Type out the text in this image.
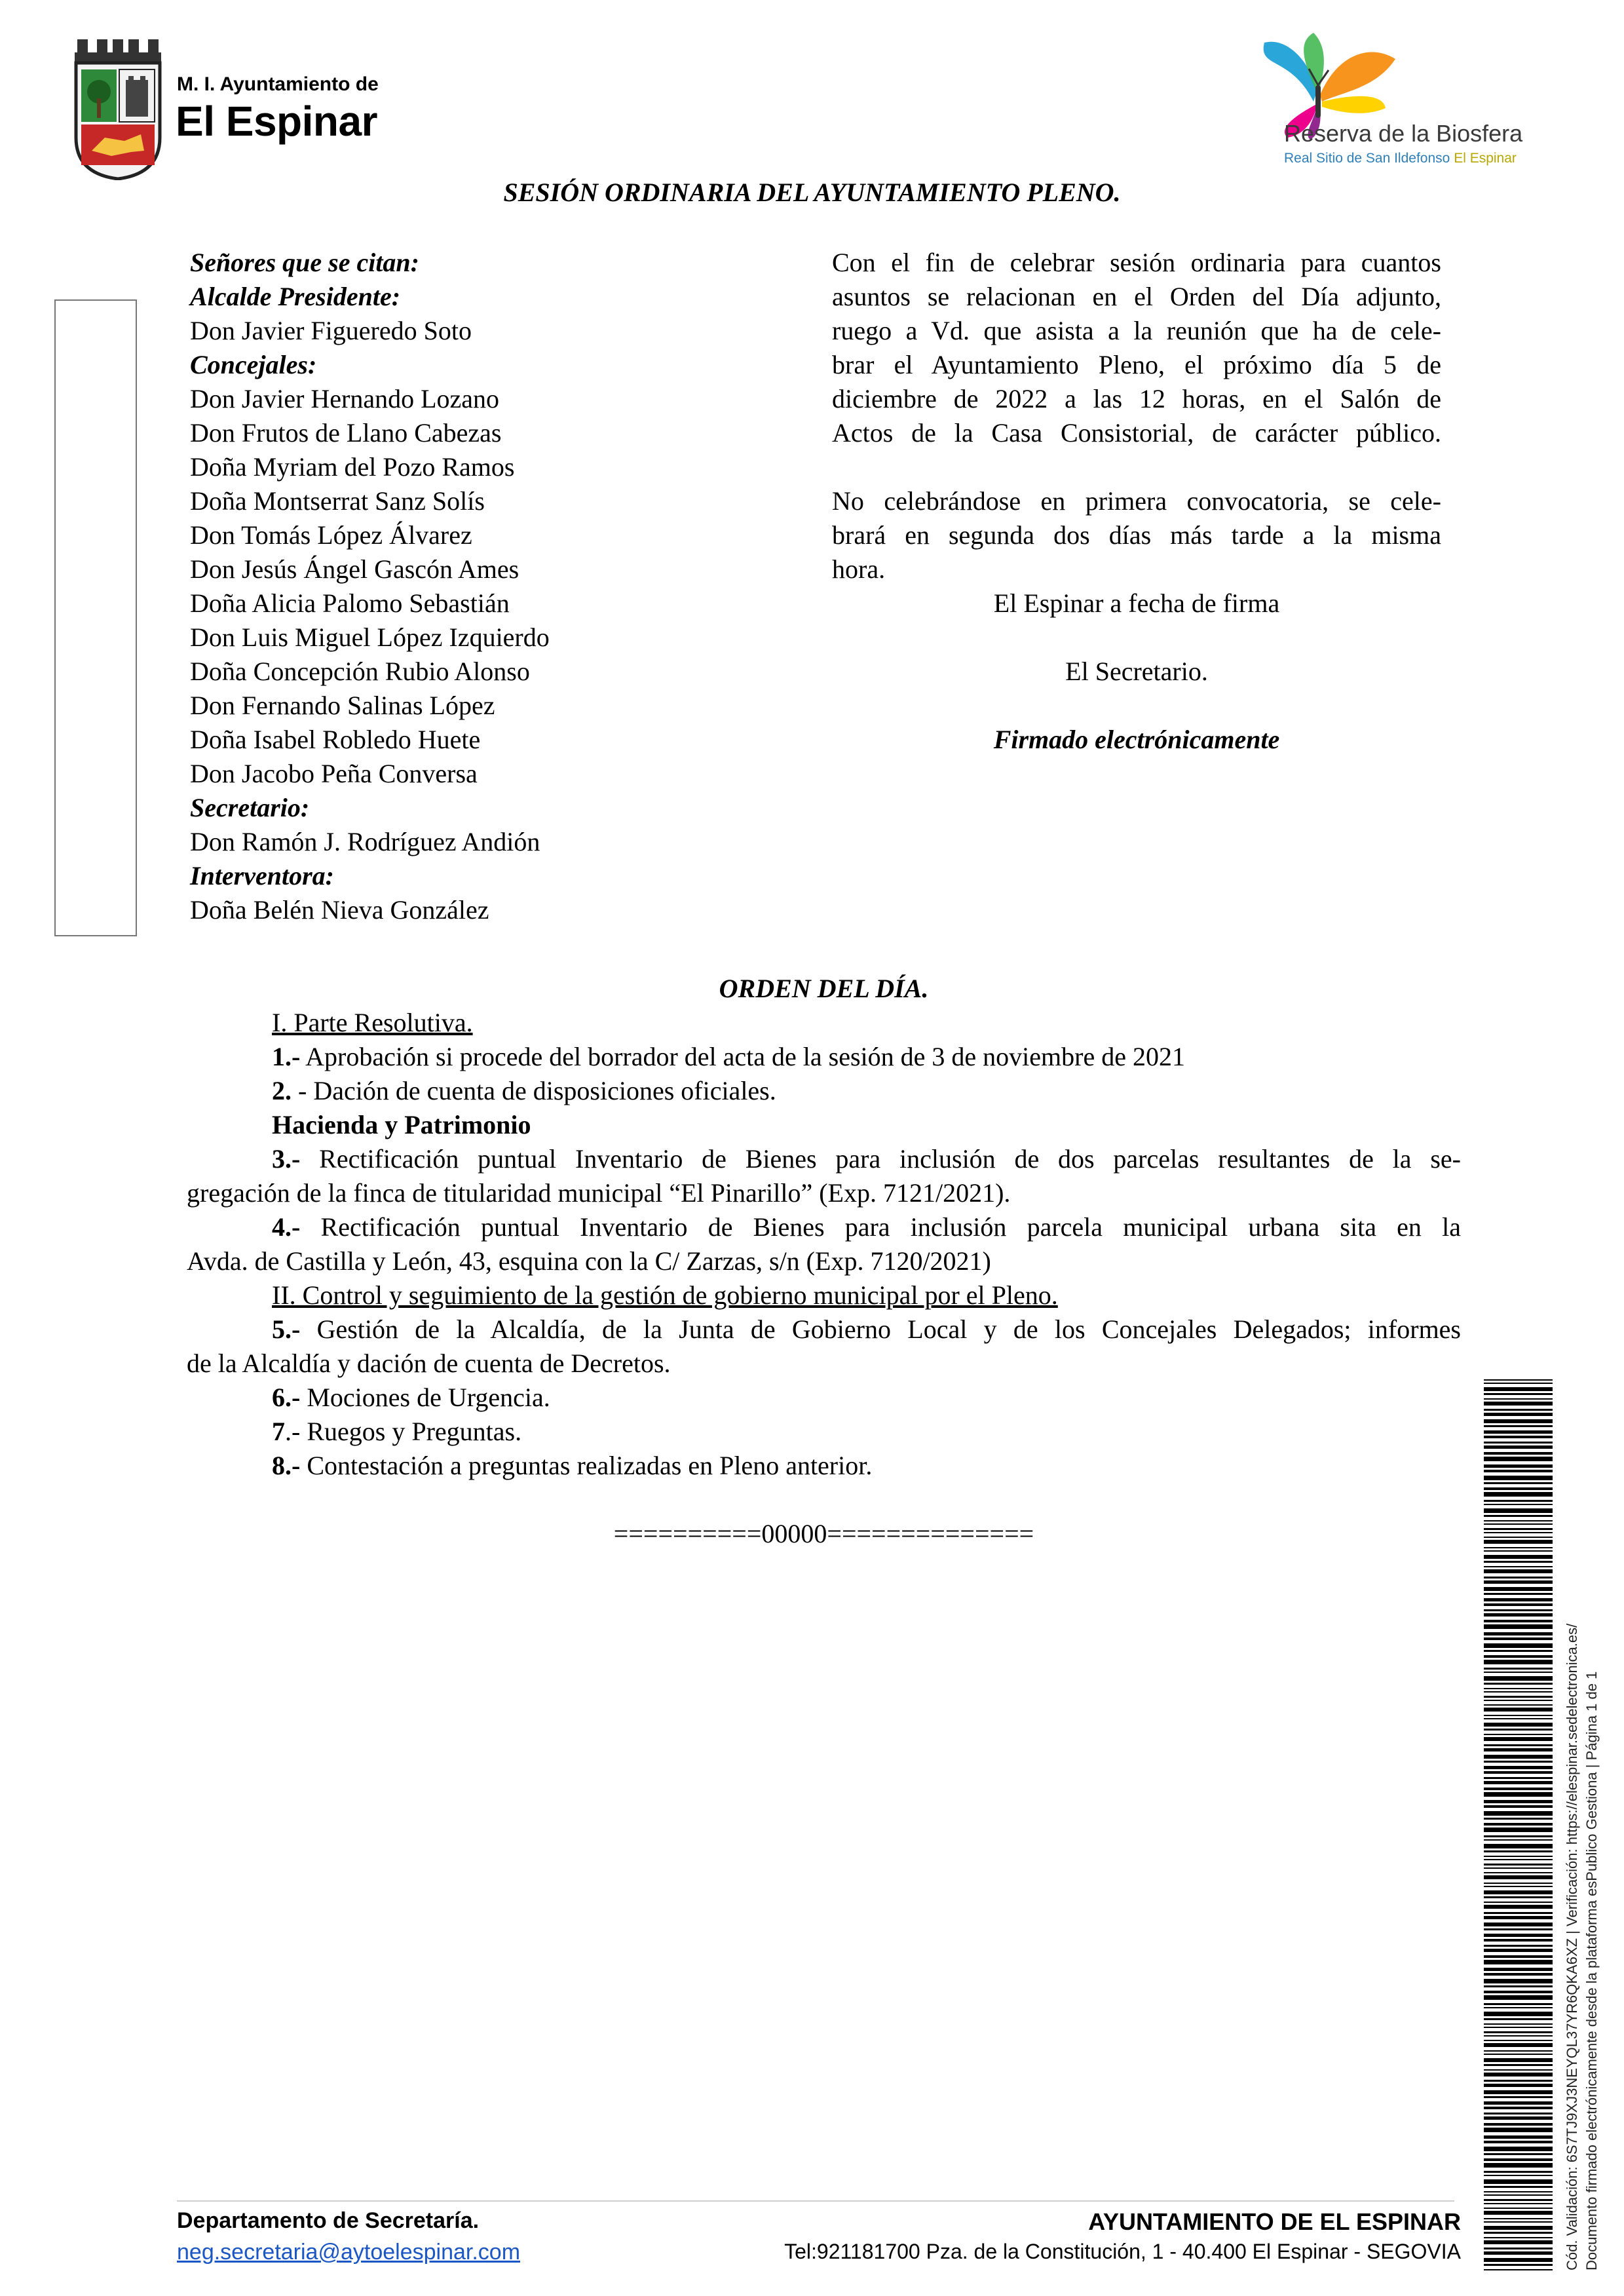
M. I. Ayuntamiento de
El Espinar	Reserva de la Biosfera
Real Sitio de San Ildefonso El Espinar
SESIÓN ORDINARIA DEL AYUNTAMIENTO PLENO.
Señores que se citan:
Alcalde Presidente:
Don Javier Figueredo Soto
Concejales:
Don Javier Hernando Lozano
Don Frutos de Llano Cabezas
Doña Myriam del Pozo Ramos
Doña Montserrat Sanz Solís
Don Tomás López Álvarez
Don Jesús Ángel Gascón Ames
Doña Alicia Palomo Sebastián
Don Luis Miguel López Izquierdo
Doña Concepción Rubio Alonso
Don Fernando Salinas López
Doña Isabel Robledo Huete
Don Jacobo Peña Conversa
Secretario:
Don Ramón J. Rodríguez Andión
Interventora:
Doña Belén Nieva González
Con el fin de celebrar sesión ordinaria para cuantos
asuntos se relacionan en el Orden del Día adjunto,
ruego a Vd. que asista a la reunión que ha de cele-
brar el Ayuntamiento Pleno, el próximo día 5 de
diciembre de 2022 a las 12 horas, en el Salón de
Actos de la Casa Consistorial, de carácter público.

No celebrándose en primera convocatoria, se cele-
brará en segunda dos días más tarde a la misma
hora.
El Espinar a fecha de firma

El Secretario.

Firmado electrónicamente
ORDEN DEL DÍA.
I. Parte Resolutiva.
1.- Aprobación si procede del borrador del acta de la sesión de 3 de noviembre de 2021
2. - Dación de cuenta de disposiciones oficiales.
Hacienda y Patrimonio
3.- Rectificación puntual Inventario de Bienes para inclusión de dos parcelas resultantes de la se-
gregación de la finca de titularidad municipal “El Pinarillo” (Exp. 7121/2021).
4.- Rectificación puntual Inventario de Bienes para inclusión parcela municipal urbana sita en la
Avda. de Castilla y León, 43, esquina con la C/ Zarzas, s/n (Exp. 7120/2021)
II. Control y seguimiento de la gestión de gobierno municipal por el Pleno.
5.- Gestión de la Alcaldía, de la Junta de Gobierno Local y de los Concejales Delegados; informes
de la Alcaldía y dación de cuenta de Decretos.
6.- Mociones de Urgencia.
7.- Ruegos y Preguntas.
8.- Contestación a preguntas realizadas en Pleno anterior.

==========00000==============
Cód. Validación: 6S7TJ9XJ3NEYQL37YR6QKA6XZ | Verificación: https://elespinar.sedelectronica.es/ Documento firmado electrónicamente desde la plataforma esPublico Gestiona | Página 1 de 1
Departamento de Secretaría.
neg.secretaria@aytoelespinar.com
AYUNTAMIENTO DE EL ESPINAR
Tel:921181700 Pza. de la Constitución, 1 - 40.400 El Espinar - SEGOVIA
